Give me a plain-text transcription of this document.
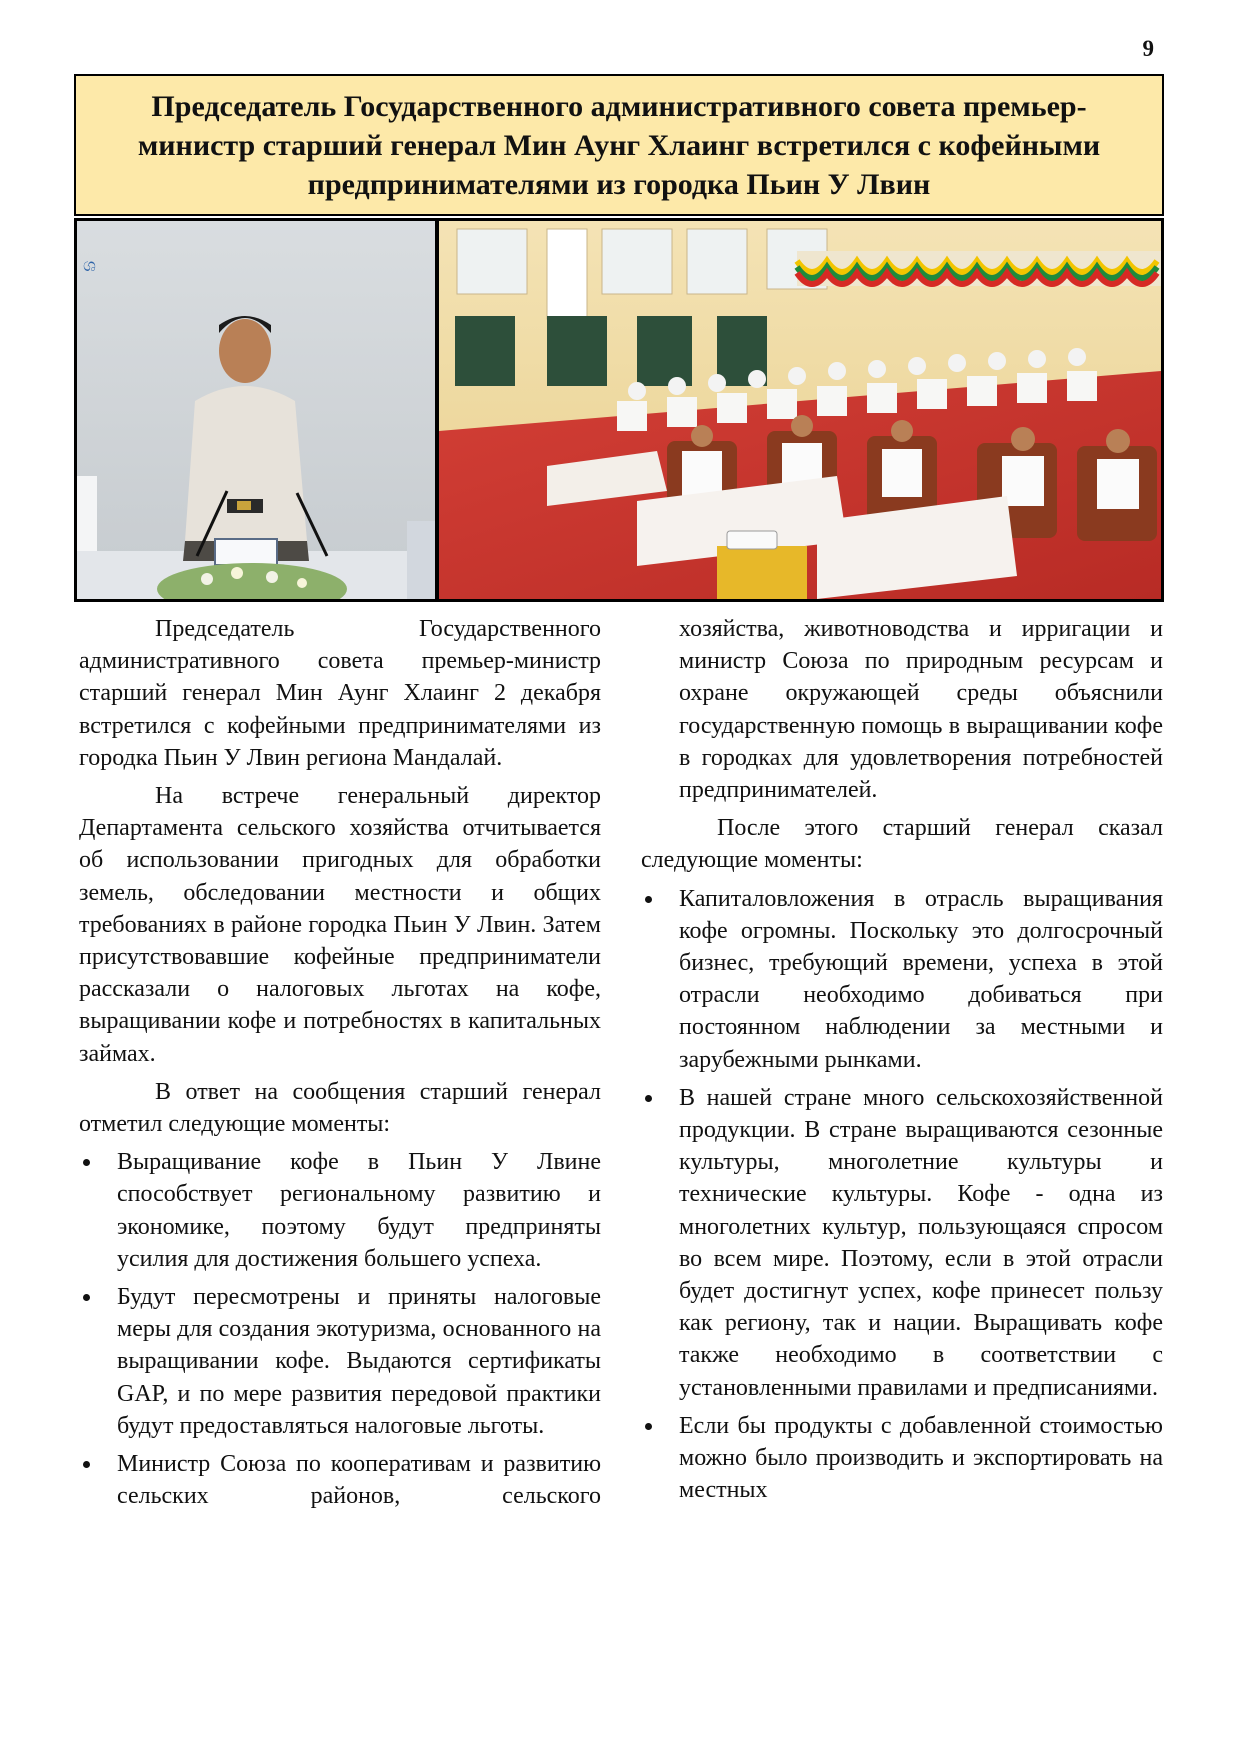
9
Председатель Государственного административного совета премьер-
министр старший генерал Мин Аунг Хлаинг встретился с кофейными
предпринимателями из городка Пьин У Лвин
ශ

Председатель Государственного административного совета премьер-министр старший генерал Мин Аунг Хлаинг 2 декабря встретился с кофейными предпринимателями из городка Пьин У Лвин региона Мандалай.

На встрече генеральный директор Департамента сельского хозяйства отчитывается об использовании пригодных для обработки земель, обследовании местности и общих требованиях в районе городка Пьин У Лвин. Затем присутствовавшие кофейные предприниматели рассказали о налоговых льготах на кофе, выращивании кофе и потребностях в капитальных займах.

В ответ на сообщения старший генерал отметил следующие моменты:

Выращивание кофе в Пьин У Лвине способствует региональному развитию и экономике, поэтому будут предприняты усилия для достижения большего успеха.
Будут пересмотрены и приняты налоговые меры для создания экотуризма, основанного на выращивании кофе. Выдаются сертификаты GAP, и по мере развития передовой практики будут предоставляться налоговые льготы.
Министр Союза по кооперативам и развитию сельских районов, сельского

хозяйства, животноводства и ирригации и министр Союза по природным ресурсам и охране окружающей среды объяснили государственную помощь в выращивании кофе в городках для удовлетворения потребностей предпринимателей.

После этого старший генерал сказал следующие моменты:

Капиталовложения в отрасль выращивания кофе огромны. Поскольку это долгосрочный бизнес, требующий времени, успеха в этой отрасли необходимо добиваться при постоянном наблюдении за местными и зарубежными рынками.
В нашей стране много сельскохозяйственной продукции. В стране выращиваются сезонные культуры, многолетние культуры и технические культуры. Кофе - одна из многолетних культур, пользующаяся спросом во всем мире. Поэтому, если в этой отрасли будет достигнут успех, кофе принесет пользу как региону, так и нации. Выращивать кофе также необходимо в соответствии с установленными правилами и предписаниями.
Если бы продукты с добавленной стоимостью можно было производить и экспортировать на местных
